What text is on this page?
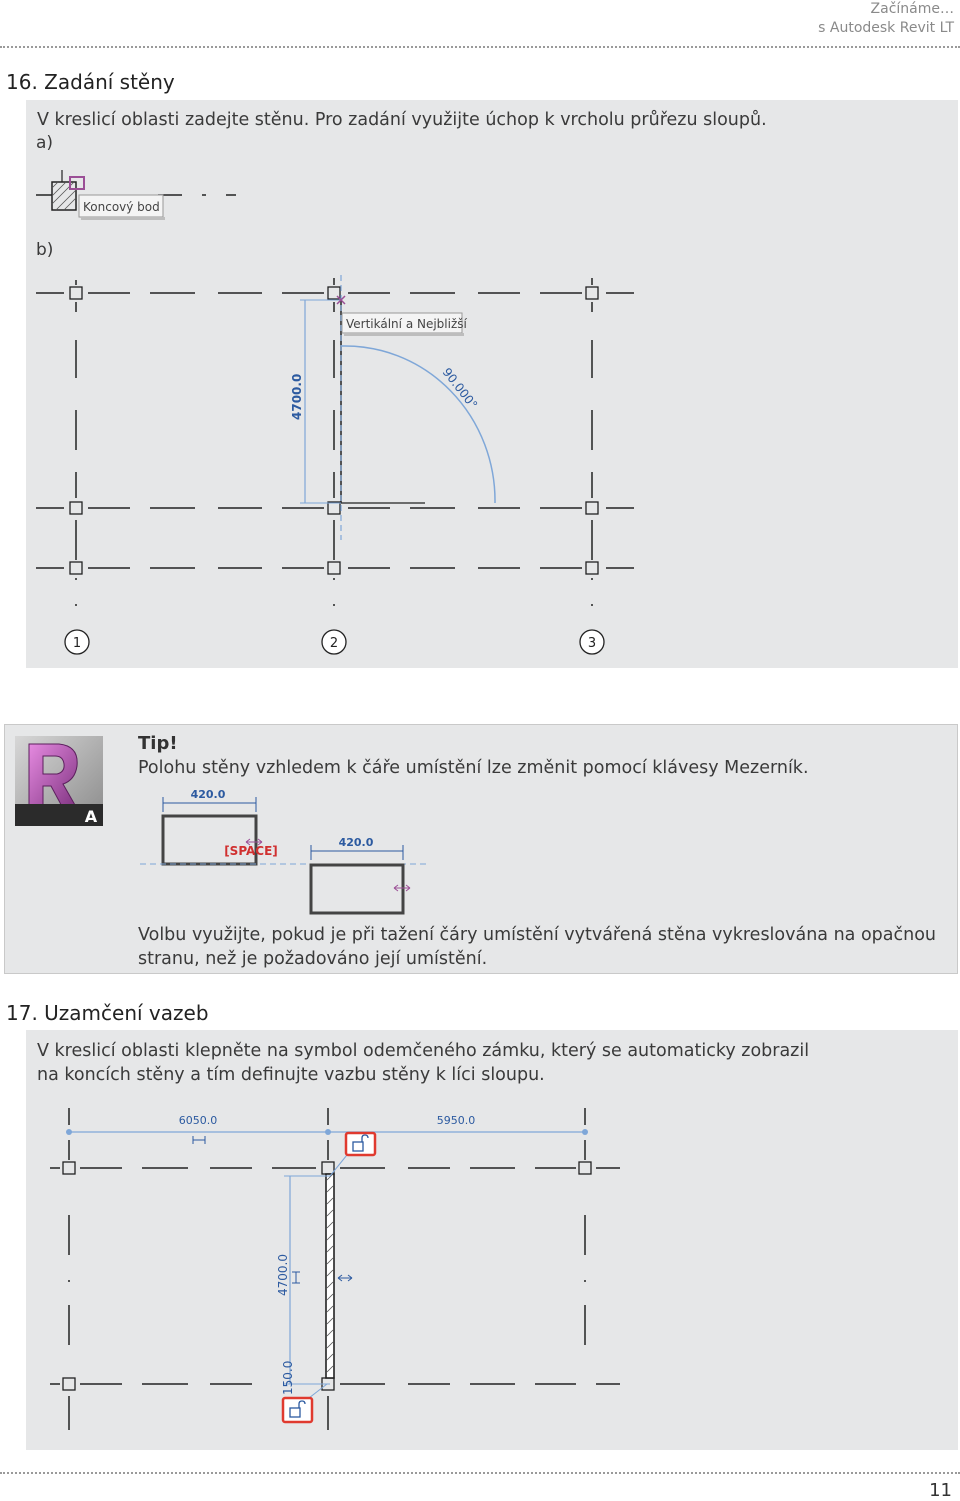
Začínáme…
s Autodesk Revit LT
16. Zadání stěny
V kreslicí oblasti zadejte stěnu. Pro zadání využijte úchop k vrcholu průřezu sloupů.
a)
b)
Koncový bod
Vertikální a Nejbližší
4700.0	90.000°
1	2	3
A
Tip!
Polohu stěny vzhledem k čáře umístění lze změnit pomocí klávesy Mezerník.
420.0
[SPACE]
420.0
Volbu využijte, pokud je při tažení čáry umístění vytvářená stěna vykreslována na opačnou
stranu, než je požadováno její umístění.
17. Uzamčení vazeb
V kreslicí oblasti klepněte na symbol odemčeného zámku, který se automaticky zobrazil
na koncích stěny a tím definujte vazbu stěny k líci sloupu.
6050.0	5950.0
4700.0
150.0
11
